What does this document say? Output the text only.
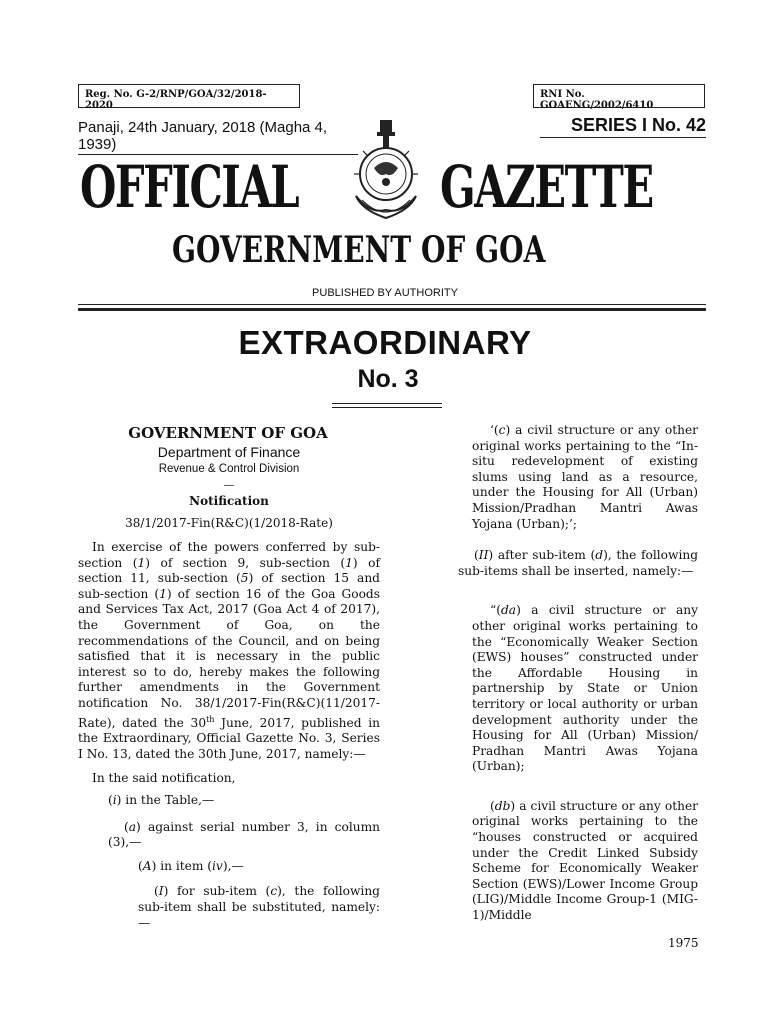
Reg. No. G-2/RNP/GOA/32/2018-2020
RNI No. GOAENG/2002/6410
Panaji, 24th January, 2018 (Magha 4, 1939)
SERIES I No. 42
OFFICIAL GAZETTE
GOVERNMENT OF GOA
PUBLISHED BY AUTHORITY
EXTRAORDINARY
No. 3
GOVERNMENT OF GOA
Department of Finance
Revenue & Control Division
—
Notification
38/1/2017-Fin(R&C)(1/2018-Rate)
In exercise of the powers conferred by sub-section (1) of section 9, sub-section (1) of section 11, sub-section (5) of section 15 and sub-section (1) of section 16 of the Goa Goods and Services Tax Act, 2017 (Goa Act 4 of 2017), the Government of Goa, on the recommendations of the Council, and on being satisfied that it is necessary in the public interest so to do, hereby makes the following further amendments in the Government notification No. 38/1/2017-Fin(R&C)(11/2017-Rate), dated the 30th June, 2017, published in the Extraordinary, Official Gazette No. 3, Series I No. 13, dated the 30th June, 2017, namely:—
In the said notification,
(i) in the Table,—
(a) against serial number 3, in column (3),—
(A) in item (iv),—
(I) for sub-item (c), the following sub-item shall be substituted, namely:—
‘(c) a civil structure or any other original works pertaining to the “In-situ redevelopment of existing slums using land as a resource, under the Housing for All (Urban) Mission/Pradhan Mantri Awas Yojana (Urban);’;
(II) after sub-item (d), the following sub-items shall be inserted, namely:—
“(da) a civil structure or any other original works pertaining to the “Economically Weaker Section (EWS) houses” constructed under the Affordable Housing in partnership by State or Union territory or local authority or urban development authority under the Housing for All (Urban) Mission/ Pradhan Mantri Awas Yojana (Urban);
(db) a civil structure or any other original works pertaining to the “houses constructed or acquired under the Credit Linked Subsidy Scheme for Economically Weaker Section (EWS)/Lower Income Group (LIG)/Middle Income Group-1 (MIG-1)/Middle
1975
